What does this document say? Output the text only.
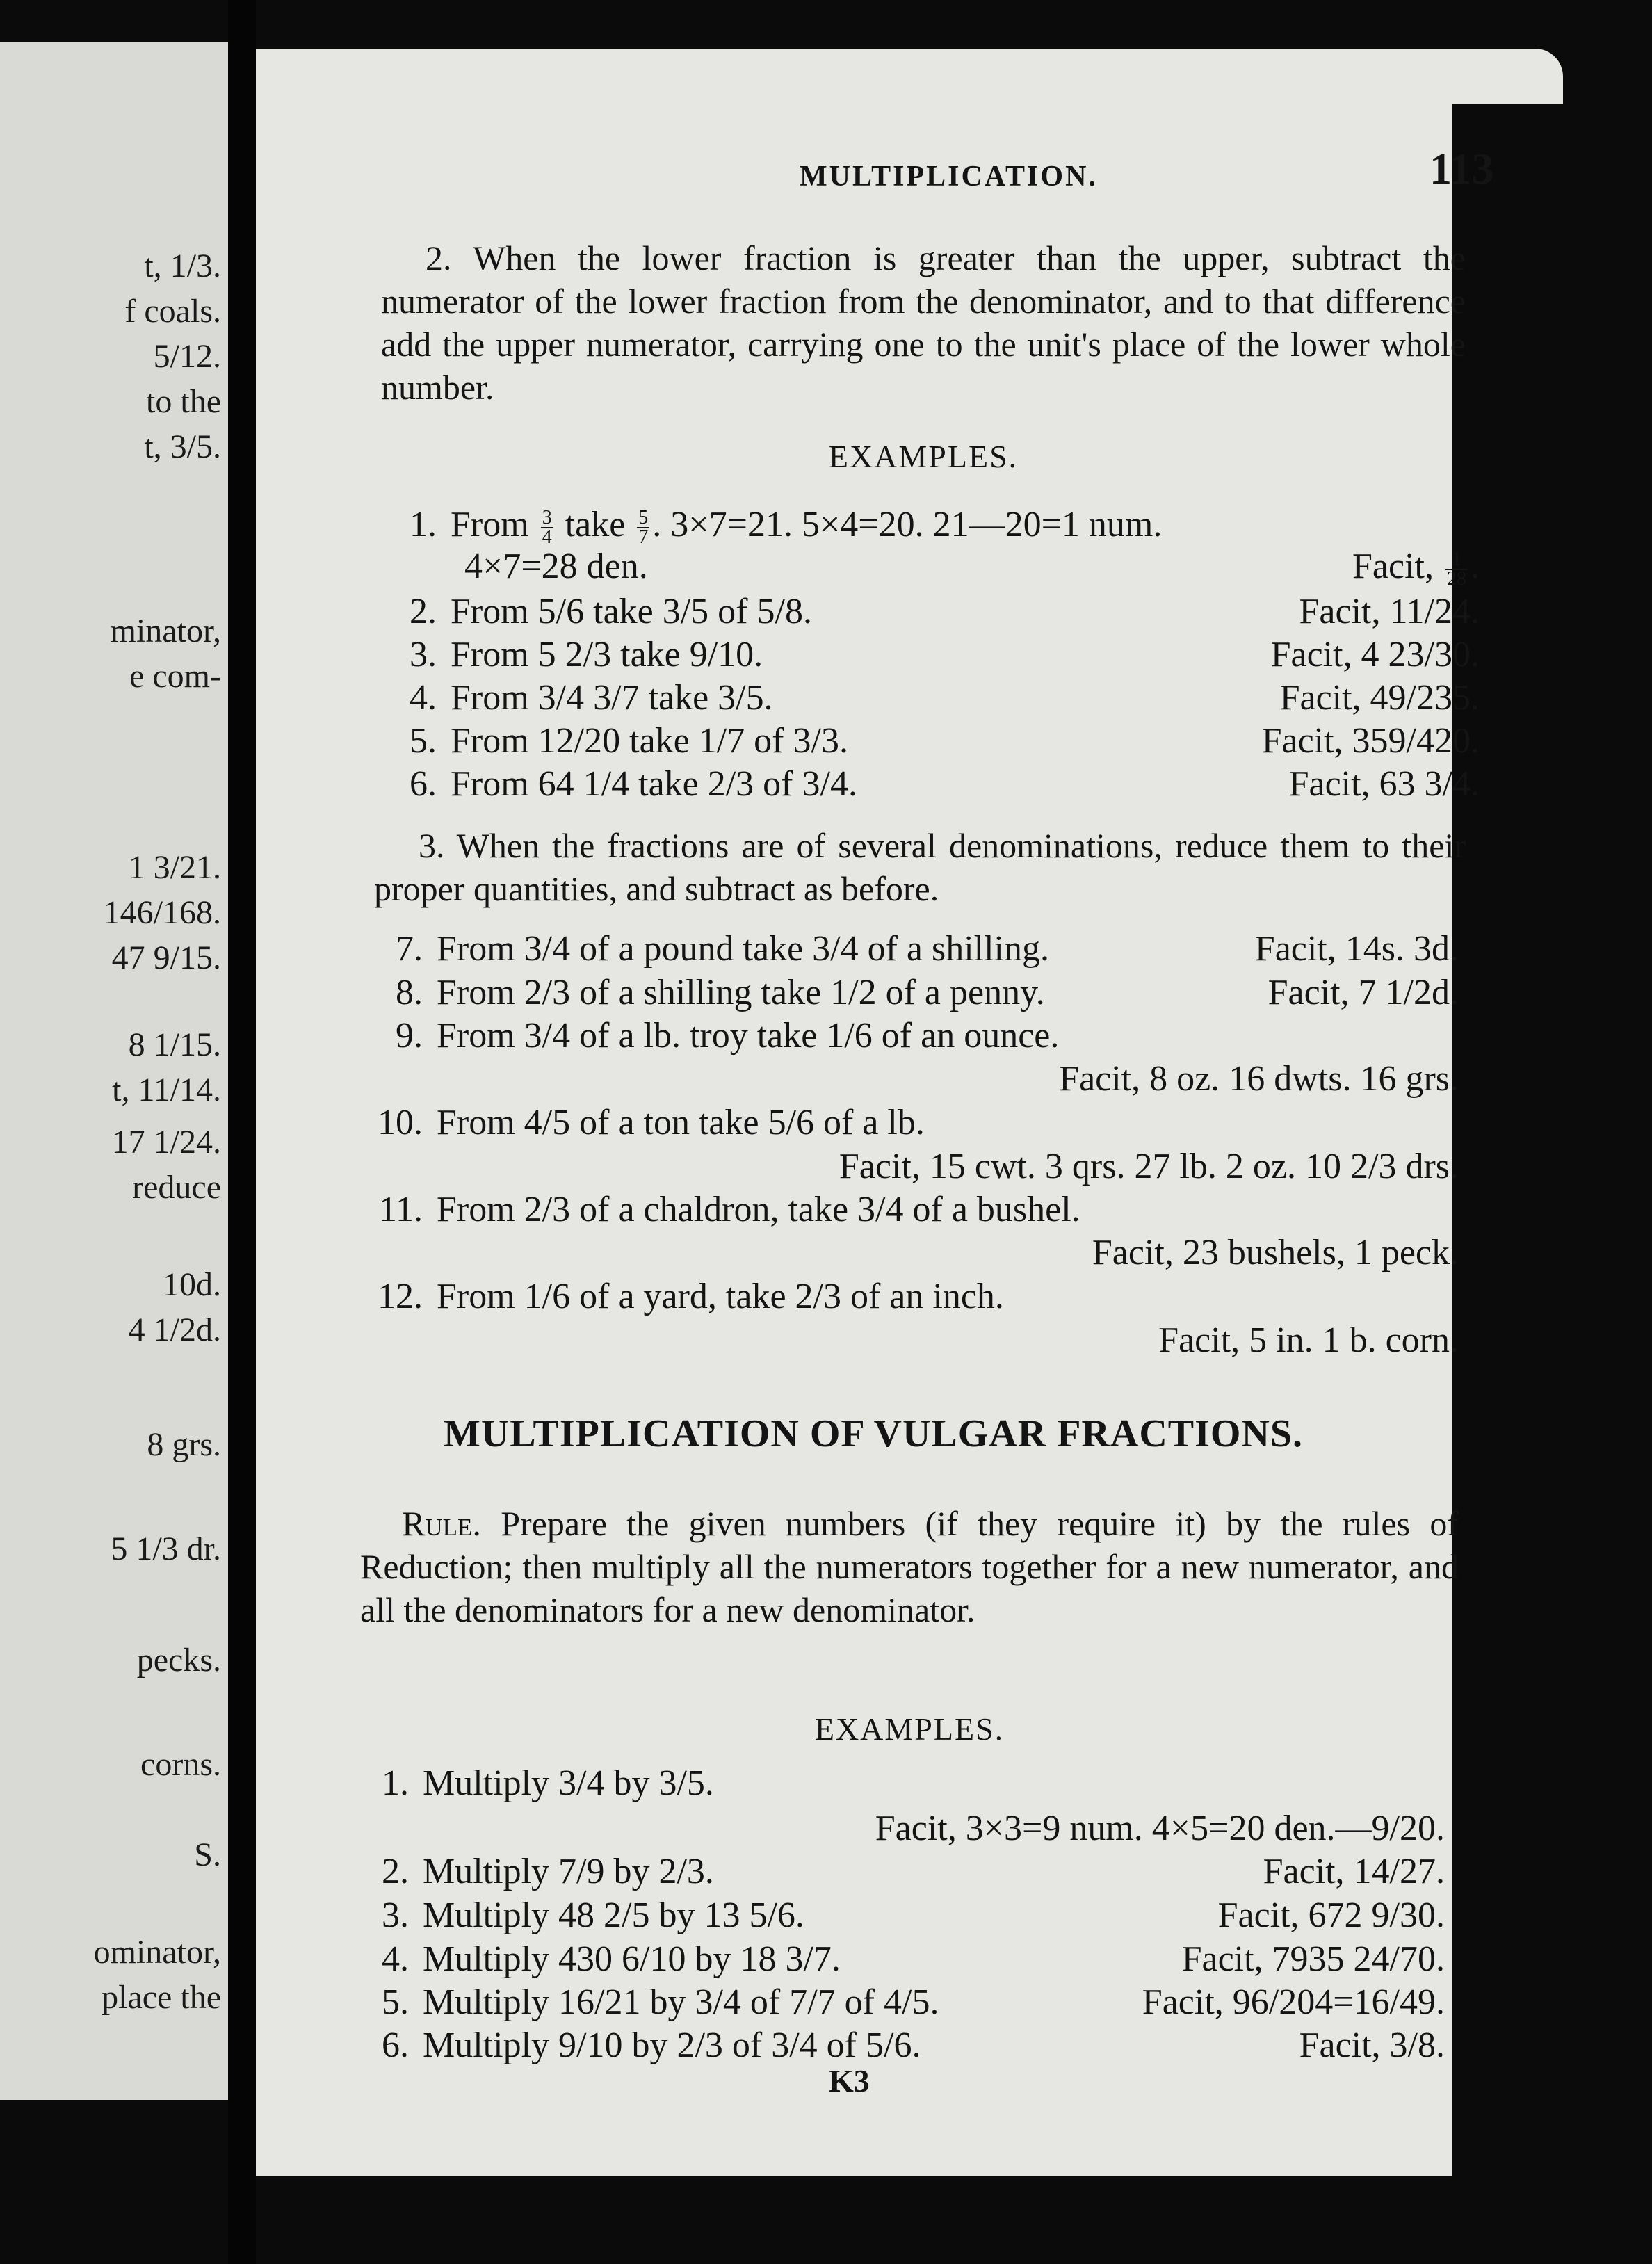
t, 1/3.
f coals.
5/12.
to the
t, 3/5.
minator,
e com-
1 3/21.
146/168.
47 9/15.
8 1/15.
t, 11/14.
17 1/24.
reduce
10d.
4 1/2d.
8 grs.
5 1/3 dr.
pecks.
corns.
S.
ominator,
place the
MULTIPLICATION.	113
2. When the lower fraction is greater than the upper, subtract the numerator of the lower fraction from the denominator, and to that difference add the upper numerator, carrying one to the unit's place of the lower whole number.
EXAMPLES.
1. From $\frac{3}{4}$ take $\frac{5}{7}$ . 3×7=21. 5×4=20. 21—20=1 num.
4×7=28 den.	Facit, $\frac{1}{28}$ .
2. From 5/6 take 3/5 of 5/8.	Facit, 11/24.
3. From 5 2/3 take 9/10.	Facit, 4 23/30.
4. From 3/4 3/7 take 3/5.	Facit, 49/235.
5. From 12/20 take 1/7 of 3/3.	Facit, 359/420.
6. From 64 1/4 take 2/3 of 3/4.	Facit, 63 3/4.
3. When the fractions are of several denominations, reduce them to their proper quantities, and subtract as before.
7. From 3/4 of a pound take 3/4 of a shilling.	Facit, 14s. 3d.
8. From 2/3 of a shilling take 1/2 of a penny.	Facit, 7 1/2d.
9. From 3/4 of a lb. troy take 1/6 of an ounce.
Facit, 8 oz. 16 dwts. 16 grs.
10. From 4/5 of a ton take 5/6 of a lb.
Facit, 15 cwt. 3 qrs. 27 lb. 2 oz. 10 2/3 drs.
11. From 2/3 of a chaldron, take 3/4 of a bushel.
Facit, 23 bushels, 1 peck.
12. From 1/6 of a yard, take 2/3 of an inch.
Facit, 5 in. 1 b. corn.
MULTIPLICATION OF VULGAR FRACTIONS.
Rule. Prepare the given numbers (if they require it) by the rules of Reduction; then multiply all the numerators together for a new numerator, and all the denominators for a new denominator.
EXAMPLES.
1. Multiply 3/4 by 3/5.
Facit, 3×3=9 num. 4×5=20 den.—9/20.
2. Multiply 7/9 by 2/3.	Facit, 14/27.
3. Multiply 48 2/5 by 13 5/6.	Facit, 672 9/30.
4. Multiply 430 6/10 by 18 3/7.	Facit, 7935 24/70.
5. Multiply 16/21 by 3/4 of 7/7 of 4/5.	Facit, 96/204=16/49.
6. Multiply 9/10 by 2/3 of 3/4 of 5/6.	Facit, 3/8.
K3
